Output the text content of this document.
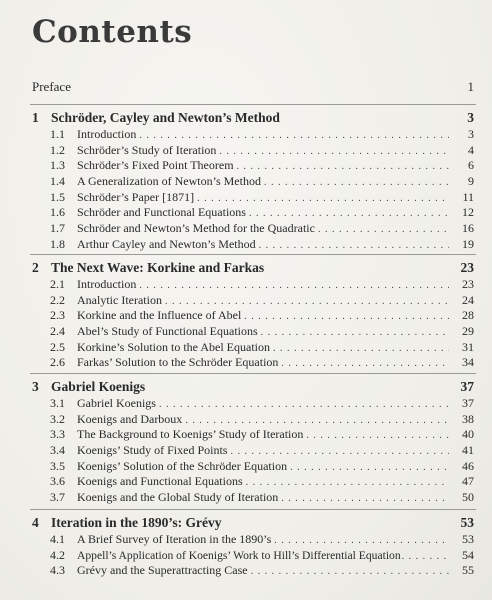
Contents
Preface	1
1 Schröder, Cayley and Newton’s Method	3
1.1	Introduction . . .	3
1.2	Schröder’s Study of Iteration . . .	4
1.3	Schröder’s Fixed Point Theorem . . .	6
1.4	A Generalization of Newton’s Method . . .	9
1.5	Schröder’s Paper [1871] . . .	11
1.6	Schröder and Functional Equations . . .	12
1.7	Schröder and Newton’s Method for the Quadratic . . .	16
1.8	Arthur Cayley and Newton’s Method . . .	19
2 The Next Wave: Korkine and Farkas	23
2.1	Introduction . . .	23
2.2	Analytic Iteration . . .	24
2.3	Korkine and the Influence of Abel . . .	28
2.4	Abel’s Study of Functional Equations . . .	29
2.5	Korkine’s Solution to the Abel Equation . . .	31
2.6	Farkas’ Solution to the Schröder Equation . . .	34
3 Gabriel Koenigs	37
3.1	Gabriel Koenigs . . .	37
3.2	Koenigs and Darboux . . .	38
3.3	The Background to Koenigs’ Study of Iteration . . .	40
3.4	Koenigs’ Study of Fixed Points . . .	41
3.5	Koenigs’ Solution of the Schröder Equation . . .	46
3.6	Koenigs and Functional Equations . . .	47
3.7	Koenigs and the Global Study of Iteration . . .	50
4 Iteration in the 1890’s: Grévy	53
4.1	A Brief Survey of Iteration in the 1890’s . . .	53
4.2	Appell’s Application of Koenigs’ Work to Hill’s Differential Equation . . .	54
4.3	Grévy and the Superattracting Case . . .	55
